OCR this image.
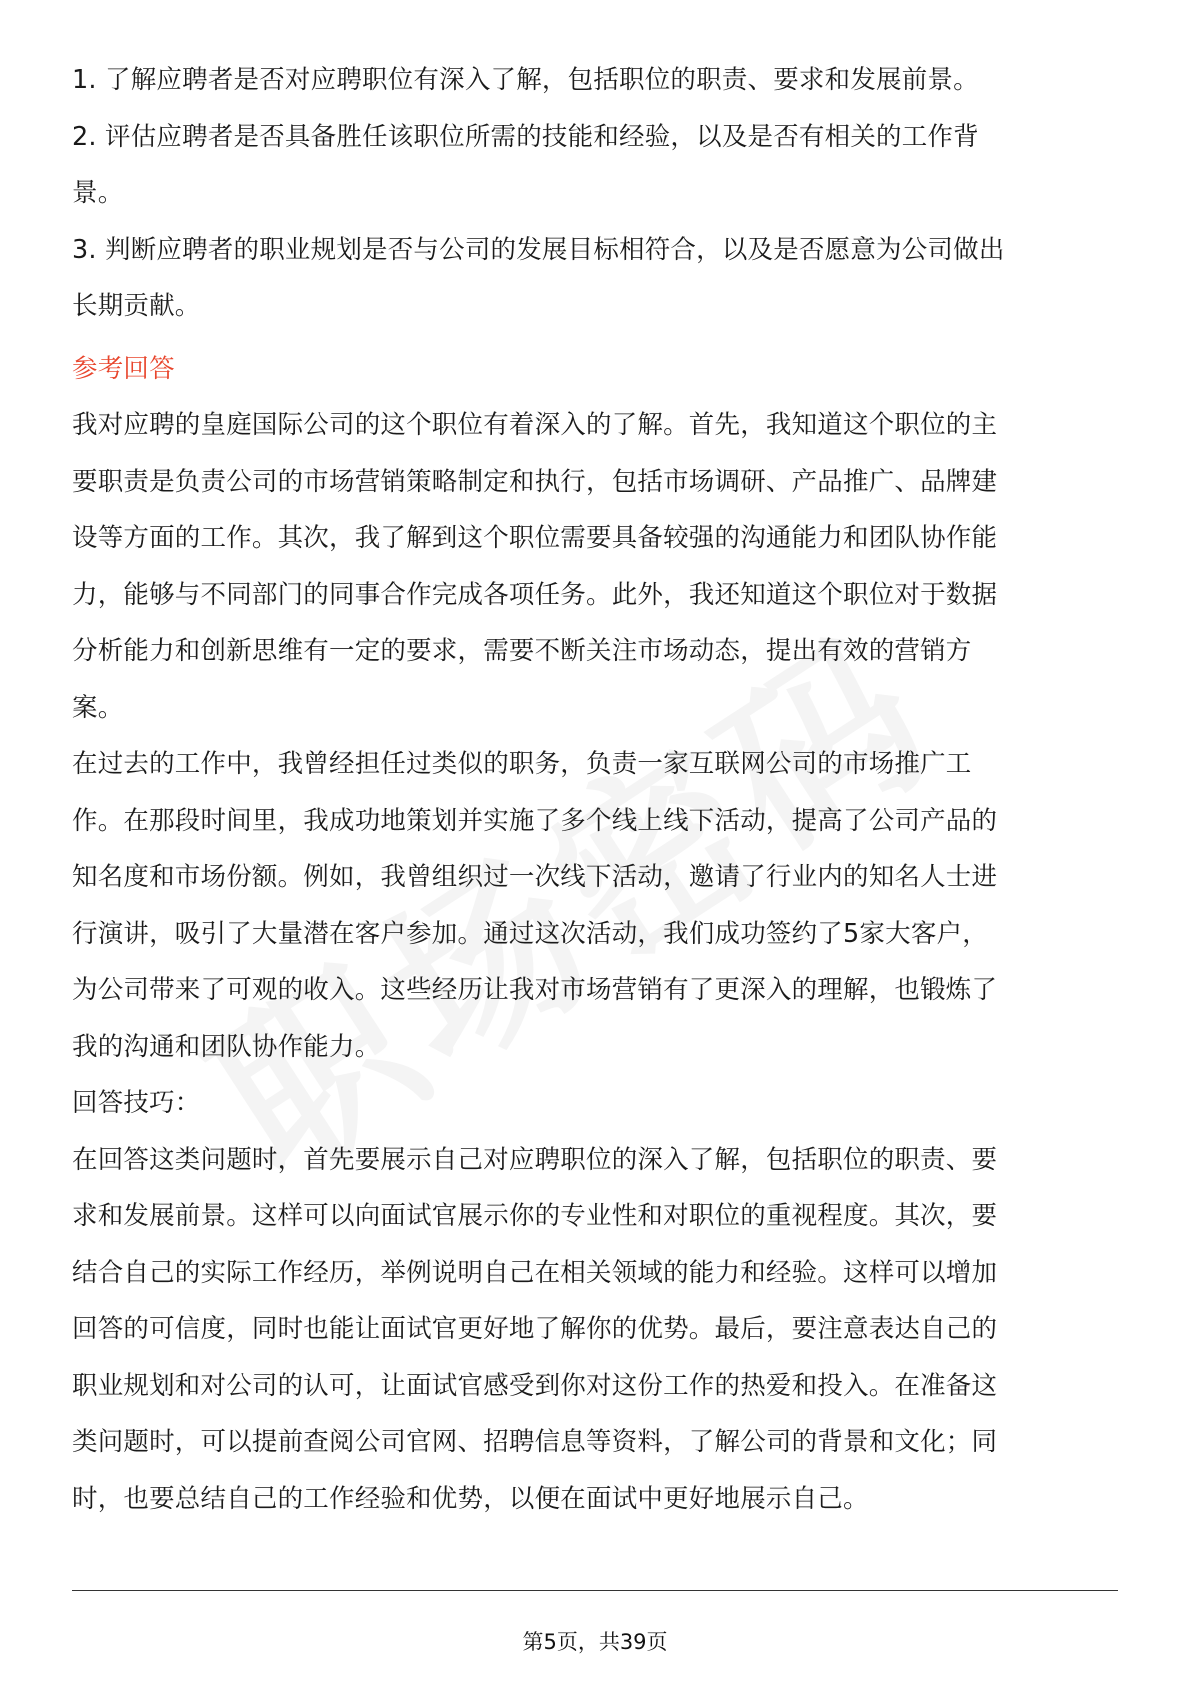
1. 了解应聘者是否对应聘职位有深入了解，包括职位的职责、要求和发展前景。
2. 评估应聘者是否具备胜任该职位所需的技能和经验，以及是否有相关的工作背
景。
3. 判断应聘者的职业规划是否与公司的发展目标相符合，以及是否愿意为公司做出
长期贡献。
参考回答
我对应聘的皇庭国际公司的这个职位有着深入的了解。首先，我知道这个职位的主
要职责是负责公司的市场营销策略制定和执行，包括市场调研、产品推广、品牌建
设等方面的工作。其次，我了解到这个职位需要具备较强的沟通能力和团队协作能
力，能够与不同部门的同事合作完成各项任务。此外，我还知道这个职位对于数据
分析能力和创新思维有一定的要求，需要不断关注市场动态，提出有效的营销方
案。
在过去的工作中，我曾经担任过类似的职务，负责一家互联网公司的市场推广工
作。在那段时间里，我成功地策划并实施了多个线上线下活动，提高了公司产品的
知名度和市场份额。例如，我曾组织过一次线下活动，邀请了行业内的知名人士进
行演讲，吸引了大量潜在客户参加。通过这次活动，我们成功签约了5家大客户，
为公司带来了可观的收入。这些经历让我对市场营销有了更深入的理解，也锻炼了
我的沟通和团队协作能力。
回答技巧：
在回答这类问题时，首先要展示自己对应聘职位的深入了解，包括职位的职责、要
求和发展前景。这样可以向面试官展示你的专业性和对职位的重视程度。其次，要
结合自己的实际工作经历，举例说明自己在相关领域的能力和经验。这样可以增加
回答的可信度，同时也能让面试官更好地了解你的优势。最后，要注意表达自己的
职业规划和对公司的认可，让面试官感受到你对这份工作的热爱和投入。在准备这
类问题时，可以提前查阅公司官网、招聘信息等资料，了解公司的背景和文化；同
时，也要总结自己的工作经验和优势，以便在面试中更好地展示自己。
第5页，共39页
